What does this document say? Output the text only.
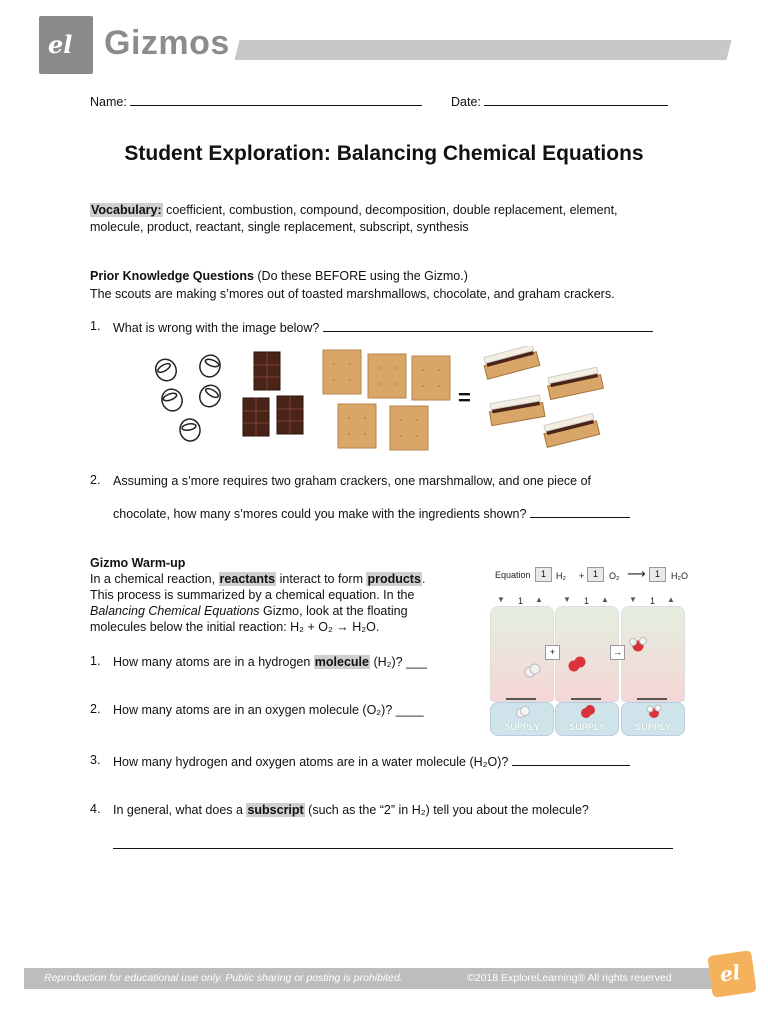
el Gizmos
Name:	Date:
Student Exploration: Balancing Chemical Equations
Vocabulary: coefficient, combustion, compound, decomposition, double replacement, element,
molecule, product, reactant, single replacement, subscript, synthesis
Prior Knowledge Questions (Do these BEFORE using the Gizmo.)
The scouts are making s’mores out of toasted marshmallows, chocolate, and graham crackers.
1. What is wrong with the image below?
=
2. Assuming a s’more requires two graham crackers, one marshmallow, and one piece of
chocolate, how many s’mores could you make with the ingredients shown?
Gizmo Warm-up
In a chemical reaction, reactants interact to form products.
This process is summarized by a chemical equation. In the
Balancing Chemical Equations Gizmo, look at the floating
molecules below the initial reaction: H₂ + O₂ → H₂O.
1. How many atoms are in a hydrogen molecule (H₂)? ___
2. How many atoms are in an oxygen molecule (O₂)? ____
3. How many hydrogen and oxygen atoms are in a water molecule (H₂O)?
4. In general, what does a subscript (such as the “2” in H₂) tell you about the molecule?
Equation	1	H₂ + 1	O₂ ⟶	1	H₂O
▼ 1 ▲	▼ 1 ▲	▼ 1 ▲
+	→
SUPPLY	SUPPLY	SUPPLY
Reproduction for educational use only. Public sharing or posting is prohibited.	©2018 ExploreLearning® All rights reserved el
